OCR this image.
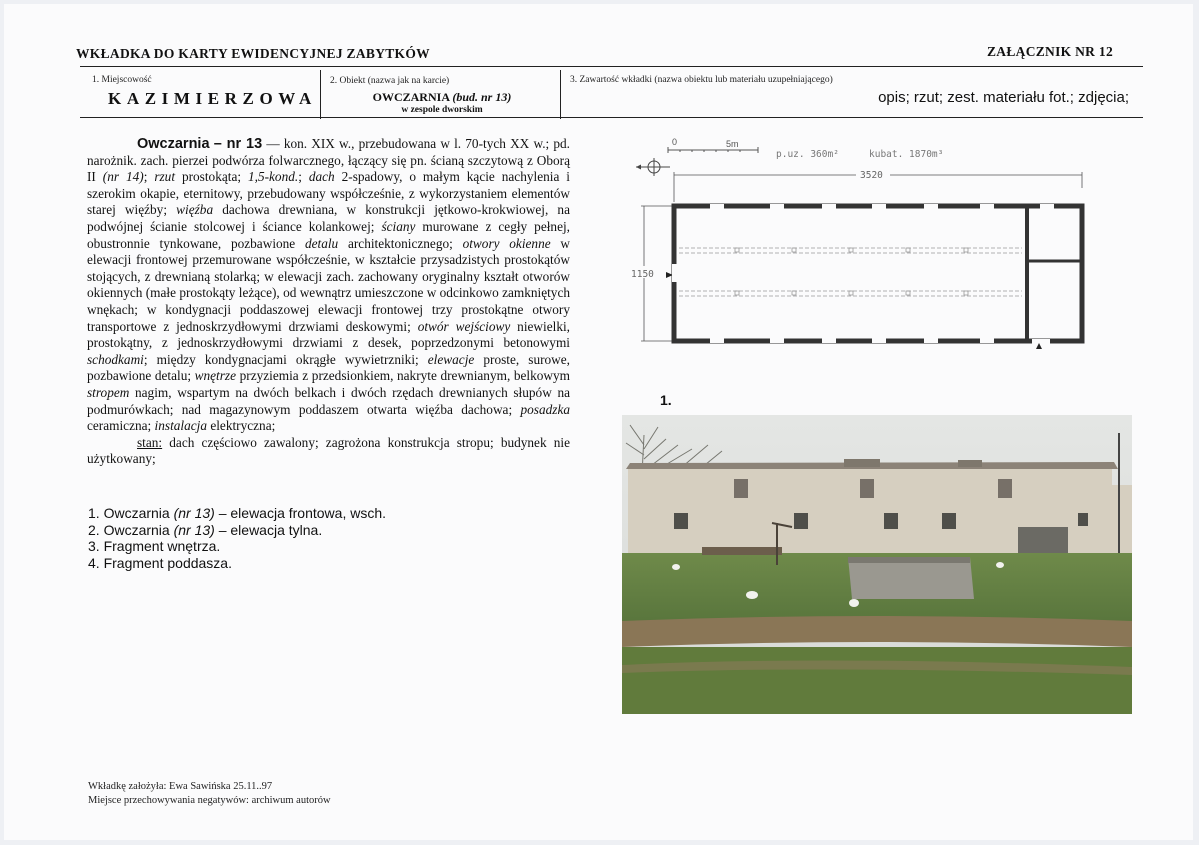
WKŁADKA DO KARTY EWIDENCYJNEJ ZABYTKÓW	ZAŁĄCZNIK NR 12
1. Miejscowość
KAZIMIERZOWA
2. Obiekt (nazwa jak na karcie)
OWCZARNIA (bud. nr 13)
w zespole dworskim
3. Zawartość wkładki (nazwa obiektu lub materiału uzupełniającego)
opis; rzut; zest. materiału fot.; zdjęcia;
Owczarnia – nr 13 — kon. XIX w., przebudowana w l. 70-tych XX w.; pd. narożnik. zach. pierzei podwórza folwarcznego, łączący się pn. ścianą szczytową z Oborą II (nr 14); rzut prostokąta; 1,5-kond.; dach 2-spadowy, o małym kącie nachylenia i szerokim okapie, eternitowy, przebudowany współcześnie, z wykorzystaniem elementów starej więźby; więźba dachowa drewniana, w konstrukcji jętkowo-krokwiowej, na podwójnej ścianie stolcowej i ściance kolankowej; ściany murowane z cegły pełnej, obustronnie tynkowane, pozbawione detalu architektonicznego; otwory okienne w elewacji frontowej przemurowane współcześnie, w kształcie przysadzistych prostokątów stojących, z drewnianą stolarką; w elewacji zach. zachowany oryginalny kształt otworów okiennych (małe prostokąty leżące), od wewnątrz umieszczone w odcinkowo zamkniętych wnękach; w kondygnacji poddaszowej elewacji frontowej trzy prostokątne otwory transportowe z jednoskrzydłowymi drzwiami deskowymi; otwór wejściowy niewielki, prostokątny, z jednoskrzydłowymi drzwiami z desek, poprzedzonymi betonowymi schodkami; między kondygnacjami okrągłe wywietrzniki; elewacje proste, surowe, pozbawione detalu; wnętrze przyziemia z przedsionkiem, nakryte drewnianym, belkowym stropem nagim, wspartym na dwóch belkach i dwóch rzędach drewnianych słupów na podmurówkach; nad magazynowym poddaszem otwarta więźba dachowa; posadzka ceramiczna; instalacja elektryczna;
stan: dach częściowo zawalony; zagrożona konstrukcja stropu; budynek nie użytkowany;
1. Owczarnia (nr 13) – elewacja frontowa, wsch.
2. Owczarnia (nr 13) – elewacja tylna.
3. Fragment wnętrza.
4. Fragment poddasza.
0	5m
p.uz. 360m²	kubat. 1870m³
3520
1150
1.
Wkładkę założyła: Ewa Sawińska 25.11..97
Miejsce przechowywania negatywów: archiwum autorów
